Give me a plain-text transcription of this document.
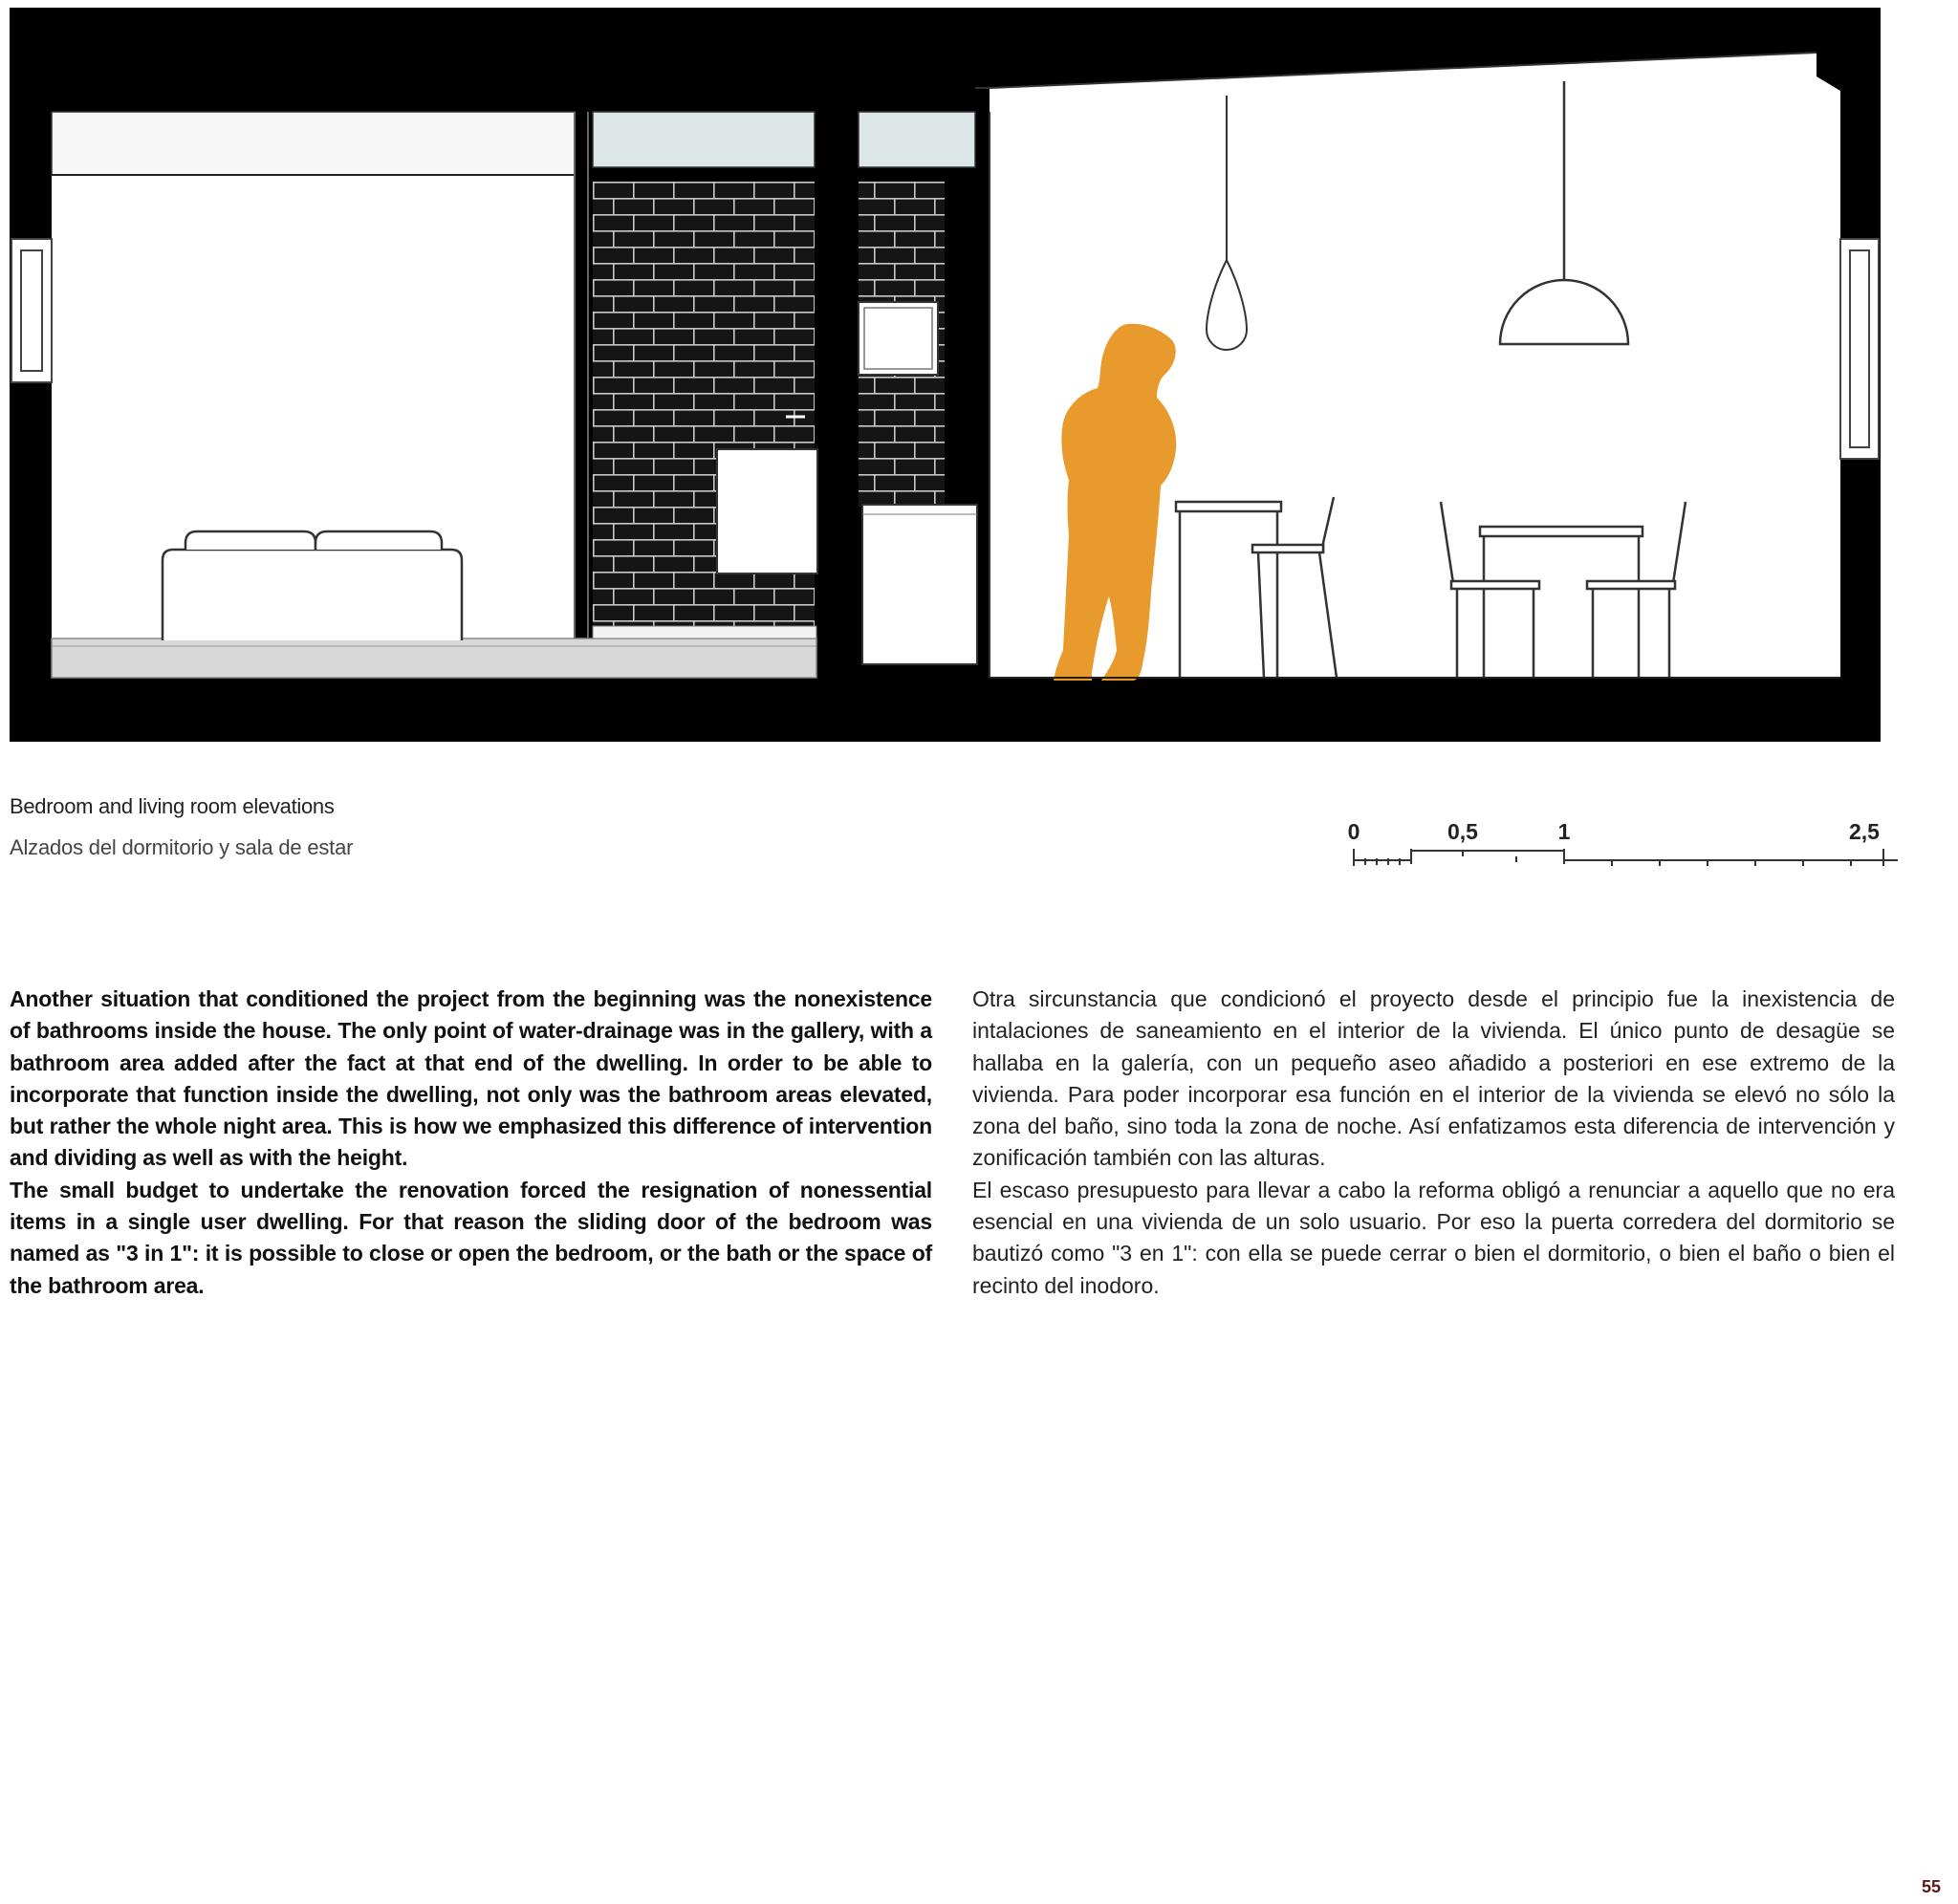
Bedroom and living room elevations
Alzados del dormitorio y sala de estar
0	0,5	1	2,5

Another situation that conditioned the project from the beginning was the nonexistence of bathrooms inside the house. The only point of water-drainage was in the gallery, with a bathroom area added after the fact at that end of the dwelling. In order to be able to incorporate that function inside the dwelling, not only was the bathroom areas elevated, but rather the whole night area. This is how we emphasized this difference of intervention and dividing as well as with the height.

The small budget to undertake the renovation forced the resignation of nonessential items in a single user dwelling. For that reason the sliding door of the bedroom was named as "3 in 1": it is possible to close or open the bedroom, or the bath or the space of the bathroom area.

Otra sircunstancia que condicionó el proyecto desde el principio fue la inexistencia de intalaciones de saneamiento en el interior de la vivienda. El único punto de desagüe se hallaba en la galería, con un pequeño aseo añadido a posteriori en ese extremo de la vivienda. Para poder incorporar esa función en el interior de la vivienda se elevó no sólo la zona del baño, sino toda la zona de noche. Así enfatizamos esta diferencia de intervención y zonificación también con las alturas.

El escaso presupuesto para llevar a cabo la reforma obligó a renunciar a aquello que no era esencial en una vivienda de un solo usuario. Por eso la puerta corredera del dormitorio se bautizó como "3 en 1": con ella se puede cerrar o bien el dormitorio, o bien el baño o bien el recinto del inodoro.

55
